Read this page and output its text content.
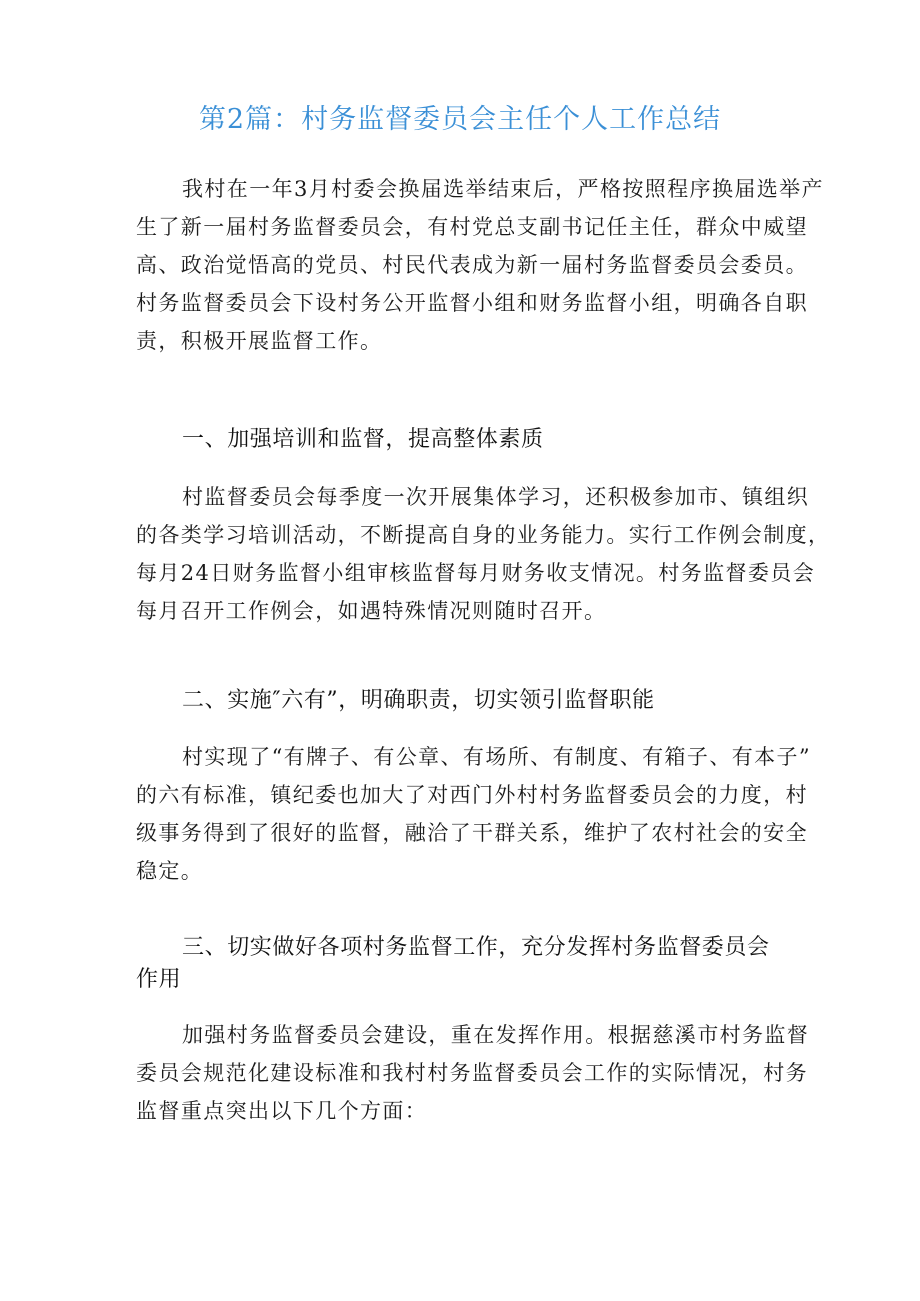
第2篇：村务监督委员会主任个人工作总结
我村在一年3月村委会换届选举结束后，严格按照程序换届选举产
生了新一届村务监督委员会，有村党总支副书记任主任，群众中威望
高、政治觉悟高的党员、村民代表成为新一届村务监督委员会委员。
村务监督委员会下设村务公开监督小组和财务监督小组，明确各自职
责，积极开展监督工作。
一、加强培训和监督，提高整体素质
村监督委员会每季度一次开展集体学习，还积极参加市、镇组织
的各类学习培训活动，不断提高自身的业务能力。实行工作例会制度，
每月24日财务监督小组审核监督每月财务收支情况。村务监督委员会
每月召开工作例会，如遇特殊情况则随时召开。
二、实施″六有”，明确职责，切实领引监督职能
村实现了“有牌子、有公章、有场所、有制度、有箱子、有本子”
的六有标准，镇纪委也加大了对西门外村村务监督委员会的力度，村
级事务得到了很好的监督，融洽了干群关系，维护了农村社会的安全
稳定。
三、切实做好各项村务监督工作，充分发挥村务监督委员会
作用
加强村务监督委员会建设，重在发挥作用。根据慈溪市村务监督
委员会规范化建设标准和我村村务监督委员会工作的实际情况，村务
监督重点突出以下几个方面：
